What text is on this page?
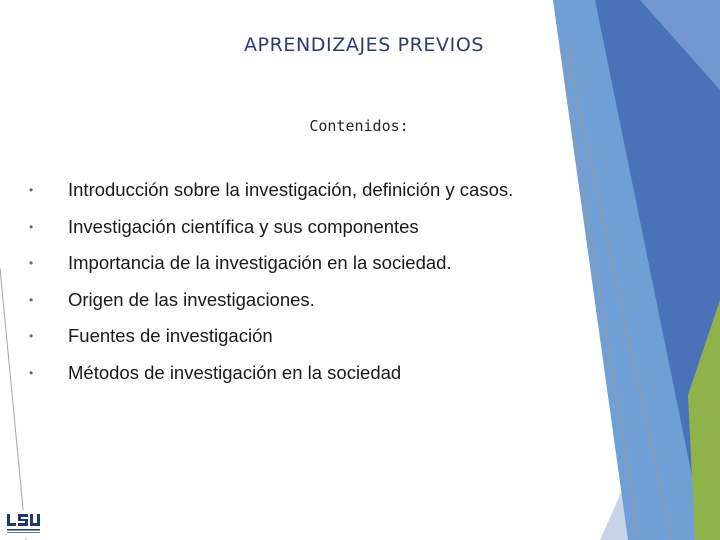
APRENDIZAJES PREVIOS
Contenidos:
• Introducción sobre la investigación, definición y casos.
• Investigación científica y sus componentes
• Importancia de la investigación en la sociedad.
• Origen de las investigaciones.
• Fuentes de investigación
• Métodos de investigación en la sociedad
